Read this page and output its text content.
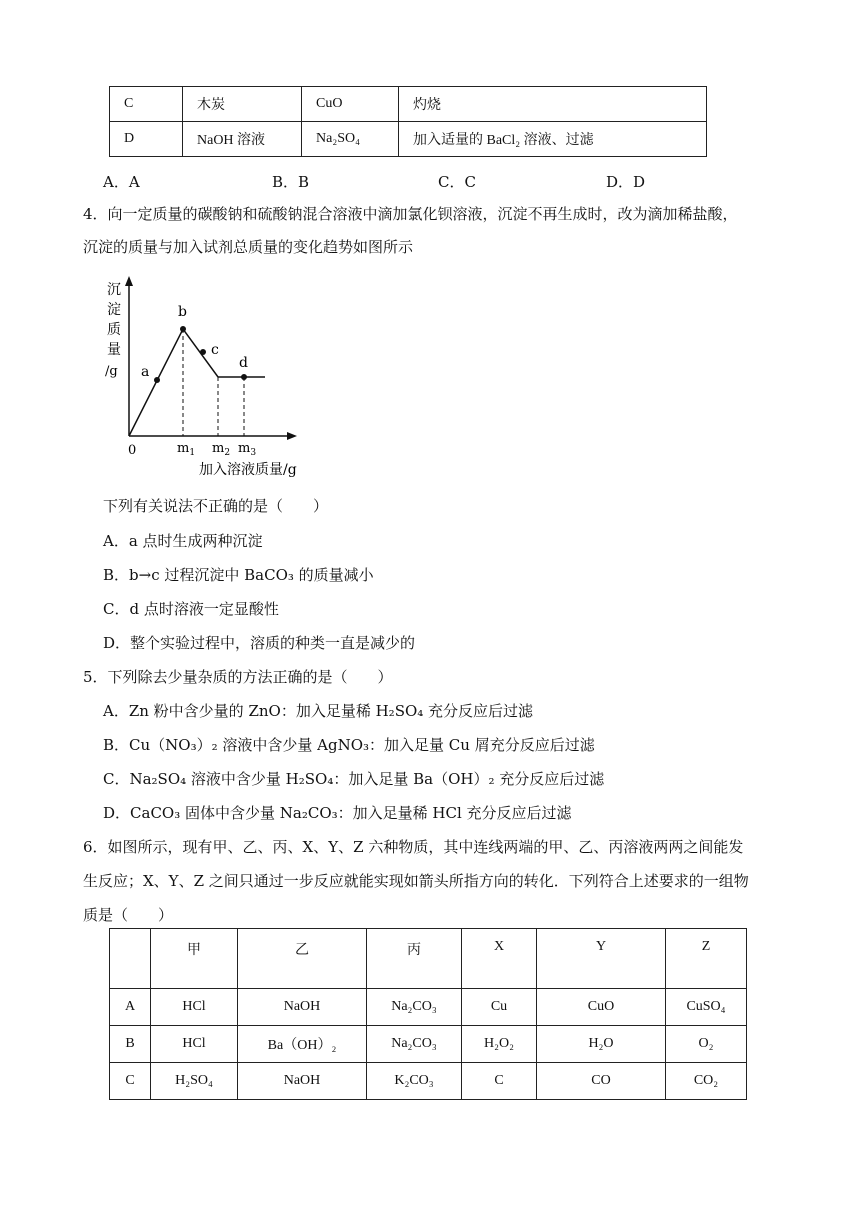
C	木炭	CuO	灼烧
D	NaOH 溶液	Na₂SO₄	加入适量的 BaCl₂ 溶液、过滤
A．A	B．B	C．C	D．D
4．向一定质量的碳酸钠和硫酸钠混合溶液中滴加氯化钡溶液，沉淀不再生成时，改为滴加稀盐酸，
沉淀的质量与加入试剂总质量的变化趋势如图所示
沉
淀
质
量
/g a
b
c
d
0	$m_1$ $m_2$ $m_3$
加入溶液质量/g
下列有关说法不正确的是（　　）
A．a 点时生成两种沉淀
B．b→c 过程沉淀中 BaCO₃ 的质量减小
C．d 点时溶液一定显酸性
D．整个实验过程中，溶质的种类一直是减少的
5．下列除去少量杂质的方法正确的是（　　）
A．Zn 粉中含少量的 ZnO：加入足量稀 H₂SO₄ 充分反应后过滤
B．Cu（NO₃）₂ 溶液中含少量 AgNO₃：加入足量 Cu 屑充分反应后过滤
C．Na₂SO₄ 溶液中含少量 H₂SO₄：加入足量 Ba（OH）₂ 充分反应后过滤
D．CaCO₃ 固体中含少量 Na₂CO₃：加入足量稀 HCl 充分反应后过滤
6．如图所示，现有甲、乙、丙、X、Y、Z 六种物质，其中连线两端的甲、乙、丙溶液两两之间能发
生反应；X、Y、Z 之间只通过一步反应就能实现如箭头所指方向的转化．下列符合上述要求的一组物
质是（　　）
	甲	乙	丙	X	Y	Z
A	HCl	NaOH	Na₂CO₃	Cu	CuO	CuSO₄
B	HCl	Ba（OH）₂	Na₂CO₃	H₂O₂	H₂O	O₂
C	H₂SO₄	NaOH	K₂CO₃	C	CO	CO₂
